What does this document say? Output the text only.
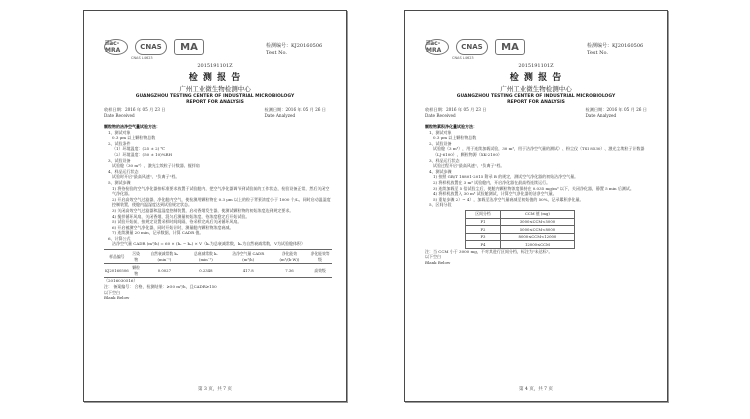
ilac-MRA	CNAS	MA
CNAS L4623
检测编号：KJ20160506
Test No.
2015191101Z
检 测 报 告
广州工业微生物检测中心
GUANGZHOU TESTING CENTER OF INDUSTRIAL MICROBIOLOGY
REPORT FOR ANALYSIS
收样日期：2016 年 05 月 23 日
Date Received
检测日期：2016 年 05 月 26 日
Date Analyzed
颗粒物的洁净空气量试验方法：
1、测试对象
0.3 μm 以上颗粒物总数
2、试验条件
（1）环境温度：(25 ± 2) ℃
（2）环境湿度：(50 ± 10)%RH
3、试验设备
试验舱（30 m³）、激光尘埃粒子计数器、搅拌扇
4、样品运行状态
试验时开启"最高风速"、"负离子"档。
5、测试步骤
1) 将待检验的空气净化器按标准要求放置于试验舱内，把空气净化器调节到试验前的工作状态，检验设备正常，然后关闭空气净化器。
2) 开启高效空气过滤器，净化舱内空气，使检测用颗粒物在 0.3 μm 以上的粒子背景浓度小于 1000 个/L。同时启动温湿度控制装置，使舱内温湿度达到试验规定状态。
3) 关闭高效空气过滤器和温湿度控制装置，启动香烟发生器，使测试颗粒物的初始浓度达到规定要求。
4) 搅拌循环风扇，关闭香烟，混匀后测量初始浓度，待浓度稳定后开始试验。
5) 试验开始前，按规定设置采样时间间隔，待采样完成后关闭循环风扇。
6) 开启被测空气净化器，同时开始计时，测量舱内颗粒物浓度衰减。
7) 连续测量 20 min，记录数据，计算 CADR 值。
6、计算公式
洁净空气量 CADR (m³/h) = 60 × (kₑ − kₙ) × V（kₑ为总衰减常数，kₙ为自然衰减常数，V为试验舱体积）
样品编号	污染物	自然衰减常数 kₙ (min⁻¹)	总衰减常数 kₑ (min⁻¹)	洁净空气量 CADR (m³/h)	净化能效 (m³/(h·W))	净化能效等级
KJ20160506	颗粒物	0.0027	0.2348	417.8	7.36	高效级
（2016030516）
注： 备案编号： 合格，检测结果：≥50 m³/h，且CADR≥150
以下空白
Blank Below
第 3 页，共 7 页
ilac-MRA	CNAS	MA
CNAS L4623
检测编号：KJ20160506
Test No.
2015191101Z
检 测 报 告
广州工业微生物检测中心
GUANGZHOU TESTING CENTER OF INDUSTRIAL MICROBIOLOGY
REPORT FOR ANALYSIS
收样日期：2016 年 05 月 23 日
Date Received
检测日期：2016 年 05 月 26 日
Date Analyzed
颗粒物累积净化量试验方法：
1、测试对象
0.3 μm 以上颗粒物总数
2、试验设备
试验舱（3 m³），用于连续加载试验，30 m³，用于洁净空气量的测试）、粉尘仪（TSI 8530）、激光尘埃粒子计数器（LJ-6100）、颗粒物源（XK-2100）
3、样品运行状态
试验过程开启"最高风速"、"负离子"档。
4、测试步骤
1) 按照 GB/T 18801-2015 附录 B 的规定，测试空气净化器的初始洁净空气量。
2) 将样机放置在 3 m³ 试验舱内，开启净化器在最高档连续运行。
3) 连续加载至 5 倍试验尘后，使舱内颗粒物浓度保持在 0.035 mg/m³ 以下，关闭净化器，静置 5 min 后测试。
4) 将样机放置入 30 m³ 试验舱测试，计算空气净化器的洁净空气量。
5) 重复步骤 2）~ 4），加载至洁净空气量衰减至初始值的 50%，记录累积净化量。
5、区间分段
区间分档	CCM 值 (mg)
P1	3000≤CCM<5000
P2	5000≤CCM<8000
P3	8000≤CCM<12000
P4	12000≤CCM
注：当 CCM 小于 3000 mg，不对其进行区间分档，标注为"未达标"。
以下空白
Blank Below
第 4 页，共 7 页
